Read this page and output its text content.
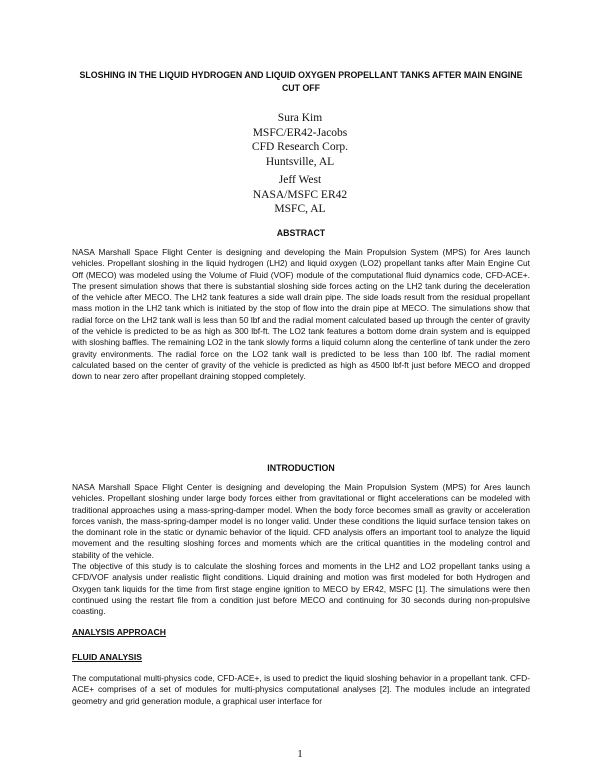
SLOSHING IN THE LIQUID HYDROGEN AND LIQUID OXYGEN PROPELLANT TANKS AFTER MAIN ENGINE CUT OFF
Sura Kim
MSFC/ER42-Jacobs
CFD Research Corp.
Huntsville, AL
Jeff West
NASA/MSFC ER42
MSFC, AL
ABSTRACT

NASA Marshall Space Flight Center is designing and developing the Main Propulsion System (MPS) for Ares launch vehicles. Propellant sloshing in the liquid hydrogen (LH2) and liquid oxygen (LO2) propellant tanks after Main Engine Cut Off (MECO) was modeled using the Volume of Fluid (VOF) module of the computational fluid dynamics code, CFD-ACE+. The present simulation shows that there is substantial sloshing side forces acting on the LH2 tank during the deceleration of the vehicle after MECO. The LH2 tank features a side wall drain pipe. The side loads result from the residual propellant mass motion in the LH2 tank which is initiated by the stop of flow into the drain pipe at MECO. The simulations show that radial force on the LH2 tank wall is less than 50 lbf and the radial moment calculated based up through the center of gravity of the vehicle is predicted to be as high as 300 lbf-ft. The LO2 tank features a bottom dome drain system and is equipped with sloshing baffles. The remaining LO2 in the tank slowly forms a liquid column along the centerline of tank under the zero gravity environments. The radial force on the LO2 tank wall is predicted to be less than 100 lbf. The radial moment calculated based on the center of gravity of the vehicle is predicted as high as 4500 lbf-ft just before MECO and dropped down to near zero after propellant draining stopped completely.

INTRODUCTION

NASA Marshall Space Flight Center is designing and developing the Main Propulsion System (MPS) for Ares launch vehicles. Propellant sloshing under large body forces either from gravitational or flight accelerations can be modeled with traditional approaches using a mass-spring-damper model. When the body force becomes small as gravity or acceleration forces vanish, the mass-spring-damper model is no longer valid. Under these conditions the liquid surface tension takes on the dominant role in the static or dynamic behavior of the liquid. CFD analysis offers an important tool to analyze the liquid movement and the resulting sloshing forces and moments which are the critical quantities in the modeling control and stability of the vehicle.

The objective of this study is to calculate the sloshing forces and moments in the LH2 and LO2 propellant tanks using a CFD/VOF analysis under realistic flight conditions. Liquid draining and motion was first modeled for both Hydrogen and Oxygen tank liquids for the time from first stage engine ignition to MECO by ER42, MSFC [1]. The simulations were then continued using the restart file from a condition just before MECO and continuing for 30 seconds during non-propulsive coasting.

ANALYSIS APPROACH
FLUID ANALYSIS

The computational multi-physics code, CFD-ACE+, is used to predict the liquid sloshing behavior in a propellant tank. CFD-ACE+ comprises of a set of modules for multi-physics computational analyses [2]. The modules include an integrated geometry and grid generation module, a graphical user interface for

1
